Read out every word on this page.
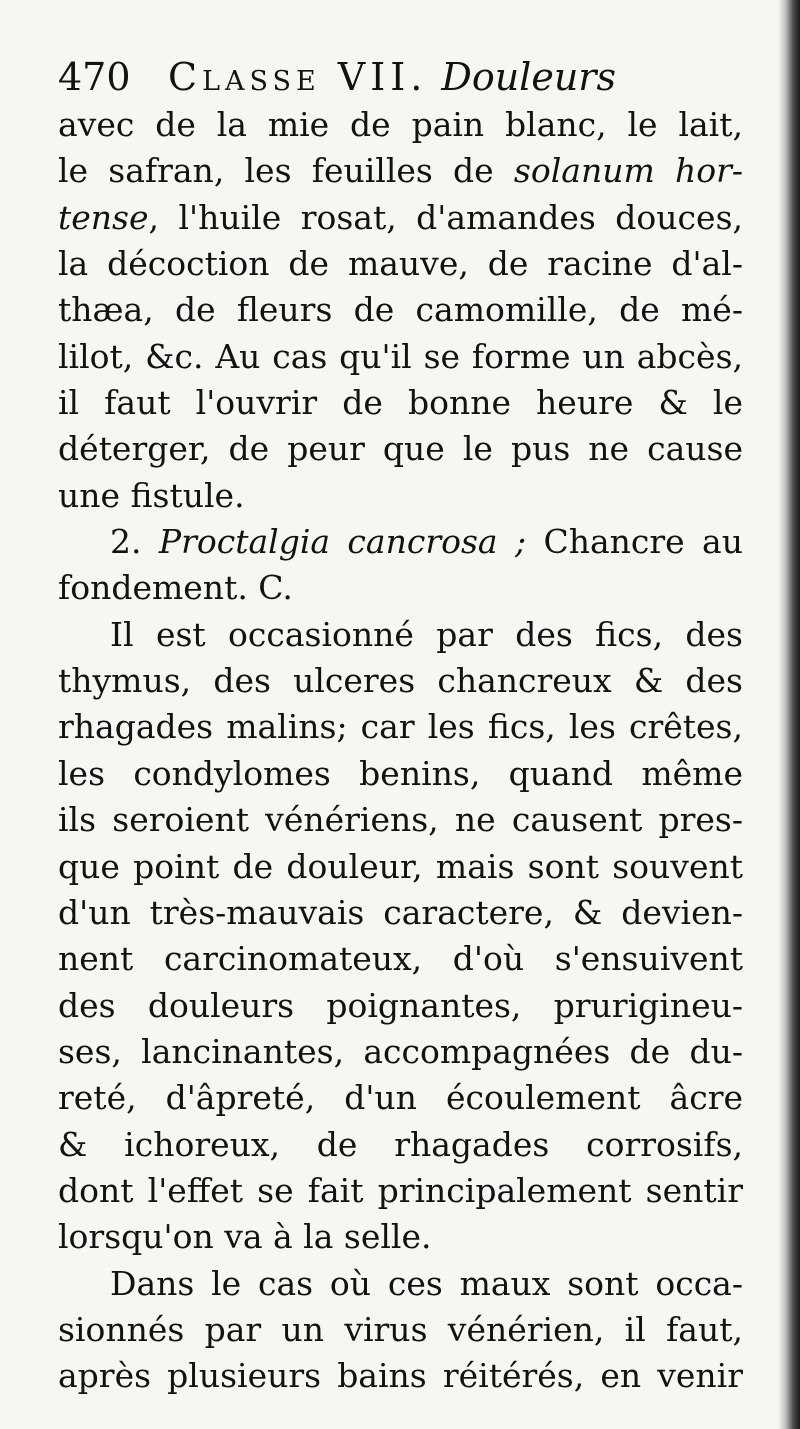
470 Classe VII. Douleurs
avec de la mie de pain blanc, le lait,
le safran, les feuilles de solanum hor-
tense, l'huile rosat, d'amandes douces,
la décoction de mauve, de racine d'al-
thæa, de fleurs de camomille, de mé-
lilot, &c. Au cas qu'il se forme un abcès,
il faut l'ouvrir de bonne heure & le
déterger, de peur que le pus ne cause
une fistule.
2. Proctalgia cancrosa ; Chancre au
fondement. C.
Il est occasionné par des fics, des
thymus, des ulceres chancreux & des
rhagades malins; car les fics, les crêtes,
les condylomes benins, quand même
ils seroient vénériens, ne causent pres-
que point de douleur, mais sont souvent
d'un très-mauvais caractere, & devien-
nent carcinomateux, d'où s'ensuivent
des douleurs poignantes, prurigineu-
ses, lancinantes, accompagnées de du-
reté, d'âpreté, d'un écoulement âcre
& ichoreux, de rhagades corrosifs,
dont l'effet se fait principalement sentir
lorsqu'on va à la selle.
Dans le cas où ces maux sont occa-
sionnés par un virus vénérien, il faut,
après plusieurs bains réitérés, en venir
